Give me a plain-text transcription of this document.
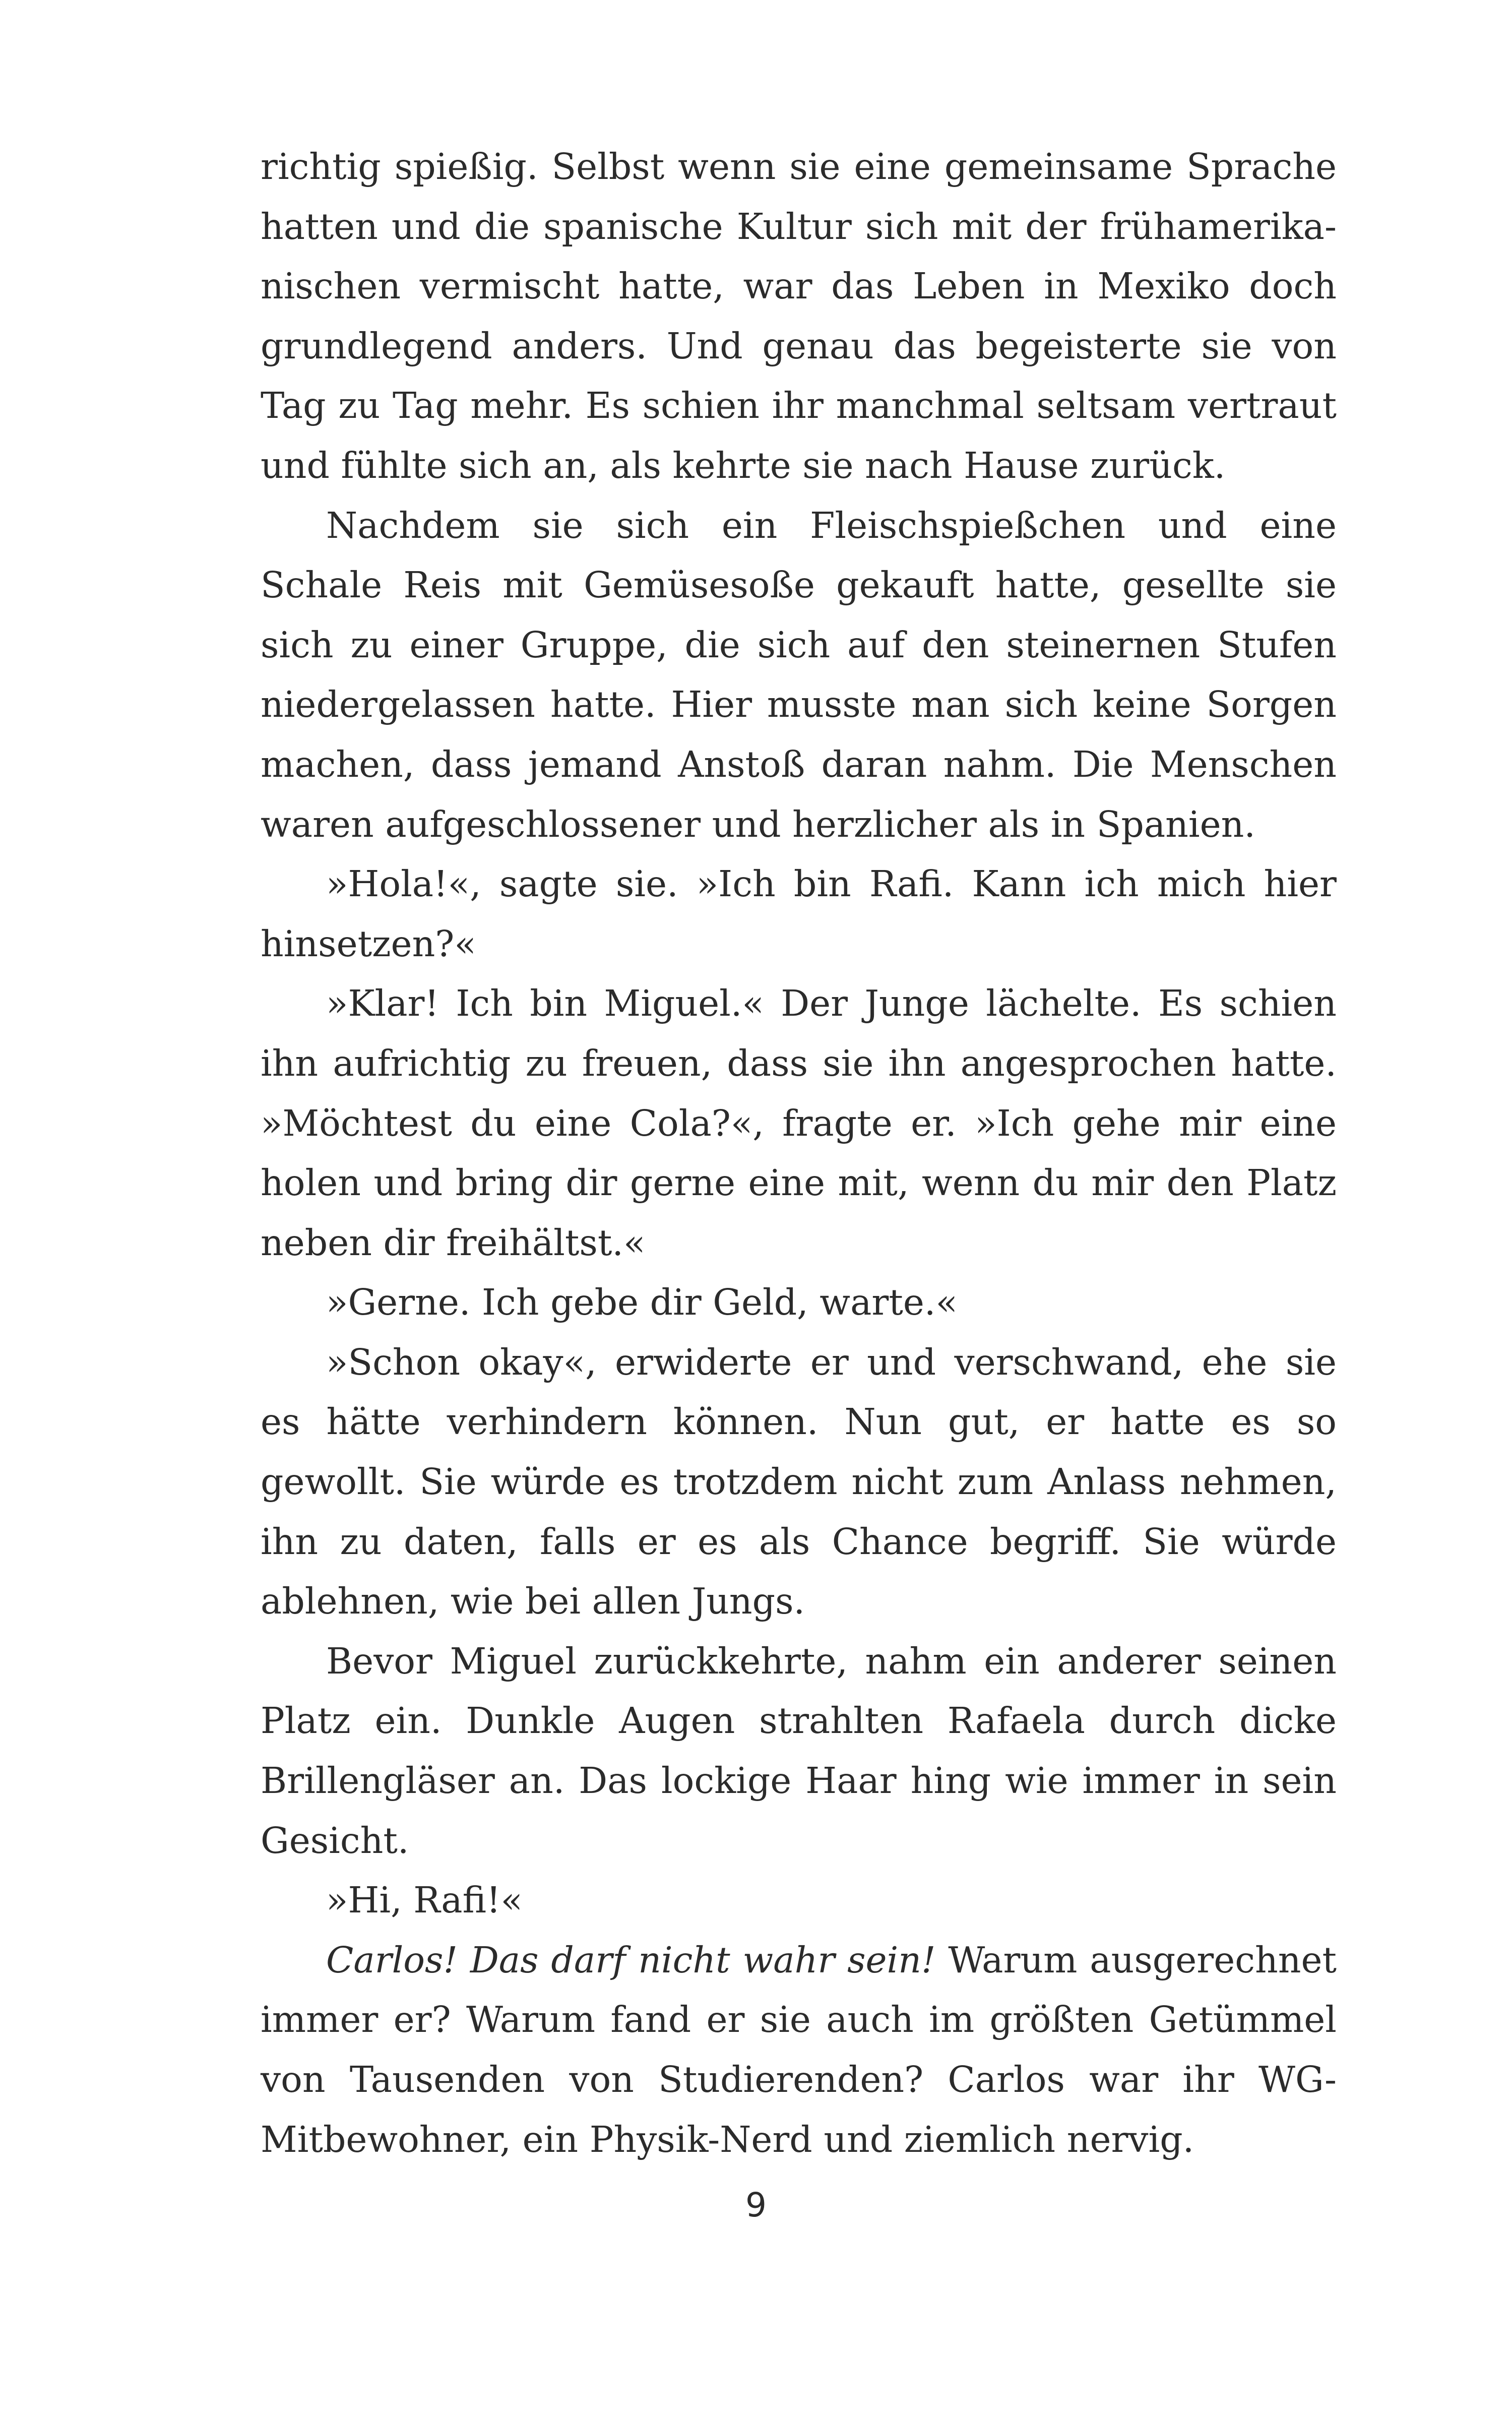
richtig spießig. Selbst wenn sie eine gemeinsame Sprache hatten und die spanische Kultur sich mit der frühamerikanischen vermischt hatte, war das Leben in Mexiko doch grundlegend anders. Und genau das begeisterte sie von Tag zu Tag mehr. Es schien ihr manchmal seltsam vertraut und fühlte sich an, als kehrte sie nach Hause zurück.

Nachdem sie sich ein Fleischspießchen und eine Schale Reis mit Gemüsesoße gekauft hatte, gesellte sie sich zu einer Gruppe, die sich auf den steinernen Stufen niedergelassen hatte. Hier musste man sich keine Sorgen machen, dass jemand Anstoß daran nahm. Die Menschen waren aufgeschlossener und herzlicher als in Spanien.

»Hola!«, sagte sie. »Ich bin Rafi. Kann ich mich hier hinsetzen?«

»Klar! Ich bin Miguel.« Der Junge lächelte. Es schien ihn aufrichtig zu freuen, dass sie ihn angesprochen hatte. »Möchtest du eine Cola?«, fragte er. »Ich gehe mir eine holen und bring dir gerne eine mit, wenn du mir den Platz neben dir freihältst.«

»Gerne. Ich gebe dir Geld, warte.«

»Schon okay«, erwiderte er und verschwand, ehe sie es hätte verhindern können. Nun gut, er hatte es so gewollt. Sie würde es trotzdem nicht zum Anlass nehmen, ihn zu daten, falls er es als Chance begriff. Sie würde ablehnen, wie bei allen Jungs.

Bevor Miguel zurückkehrte, nahm ein anderer seinen Platz ein. Dunkle Augen strahlten Rafaela durch dicke Brillengläser an. Das lockige Haar hing wie immer in sein Gesicht.

»Hi, Rafi!«

Carlos! Das darf nicht wahr sein! Warum ausgerechnet immer er? Warum fand er sie auch im größten Getümmel von Tausenden von Studierenden? Carlos war ihr WG-Mitbewohner, ein Physik-Nerd und ziemlich nervig.

9
